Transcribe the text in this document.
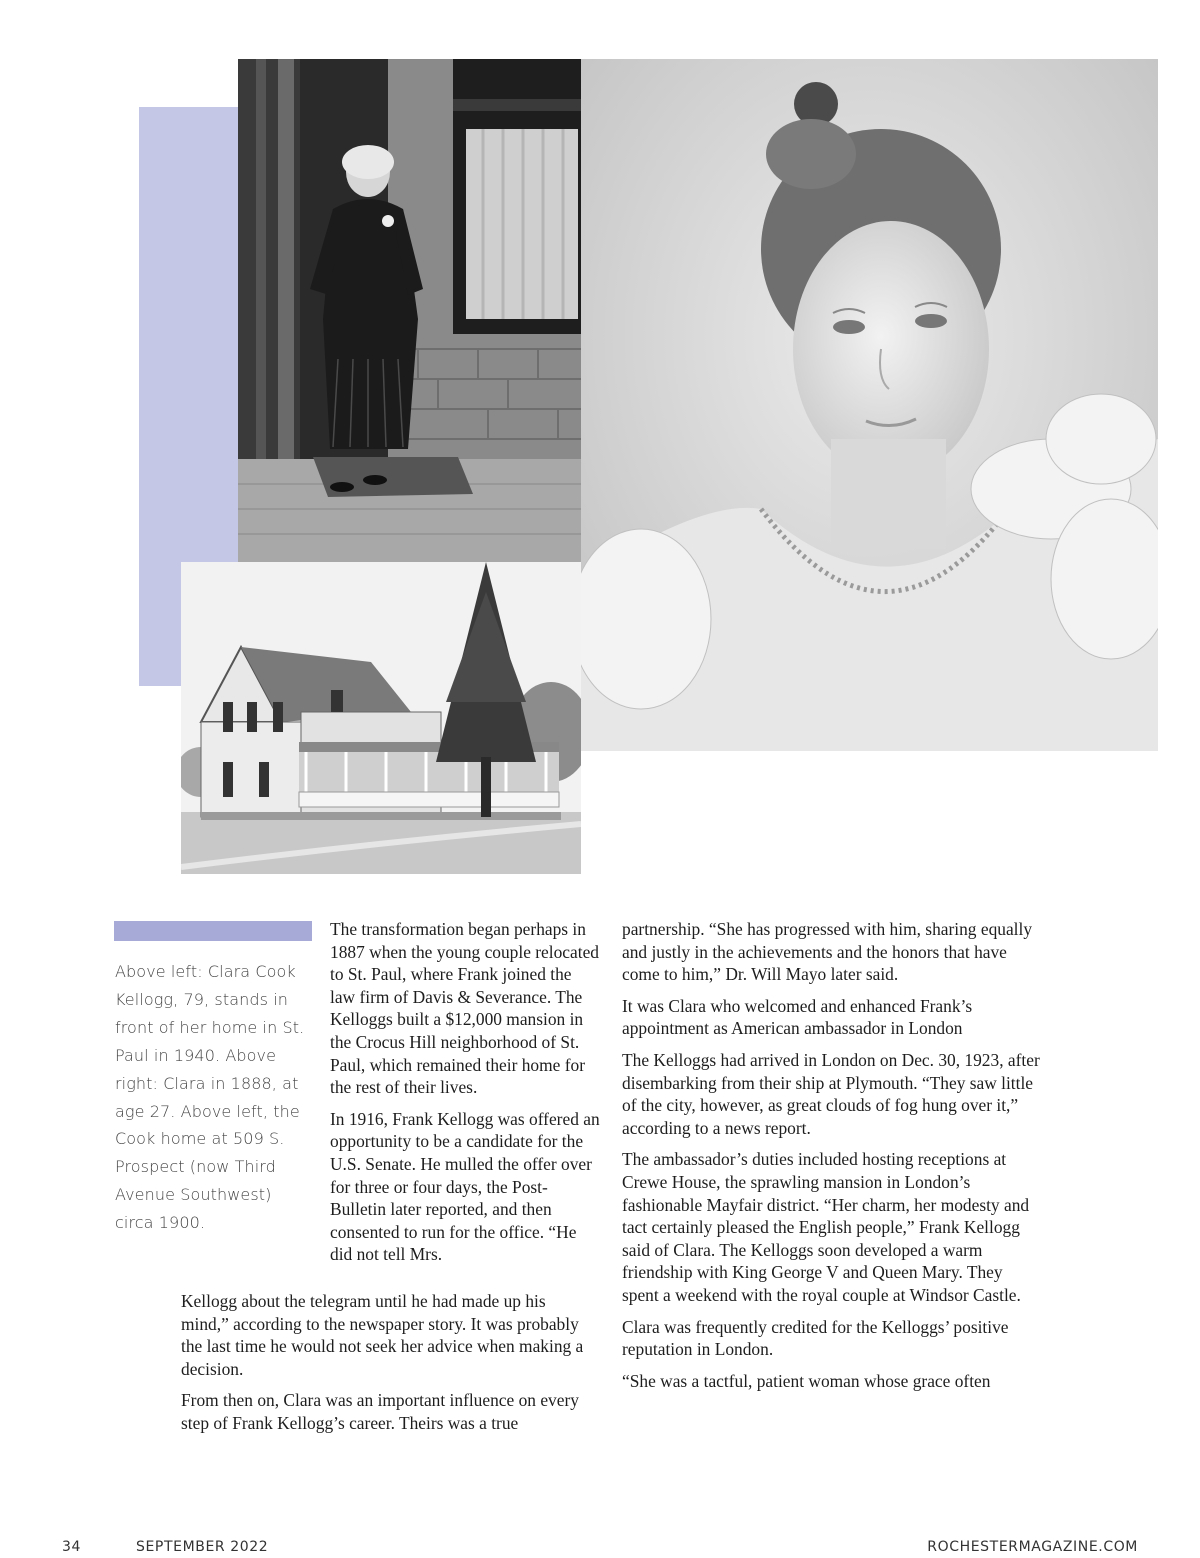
Above left: Clara Cook Kellogg, 79, stands in front of her home in St. Paul in 1940. Above right: Clara in 1888, at age 27. Above left, the Cook home at 509 S. Prospect (now Third Avenue Southwest) circa 1900.

The transformation began perhaps in 1887 when the young couple relocated to St. Paul, where Frank joined the law firm of Davis & Severance. The Kelloggs built a $12,000 mansion in the Crocus Hill neighborhood of St. Paul, which remained their home for the rest of their lives.

In 1916, Frank Kellogg was offered an opportunity to be a candidate for the U.S. Senate. He mulled the offer over for three or four days, the Post-Bulletin later reported, and then consented to run for the office. “He did not tell Mrs.

Kellogg about the telegram until he had made up his mind,” according to the newspaper story. It was probably the last time he would not seek her advice when making a decision.

From then on, Clara was an important influence on every step of Frank Kellogg’s career. Theirs was a true

partnership. “She has progressed with him, sharing equally and justly in the achievements and the honors that have come to him,” Dr. Will Mayo later said.

It was Clara who welcomed and enhanced Frank’s appointment as American ambassador in London

The Kelloggs had arrived in London on Dec. 30, 1923, after disembarking from their ship at Plymouth. “They saw little of the city, however, as great clouds of fog hung over it,” according to a news report.

The ambassador’s duties included hosting receptions at Crewe House, the sprawling mansion in London’s fashionable Mayfair district. “Her charm, her modesty and tact certainly pleased the English people,” Frank Kellogg said of Clara. The Kelloggs soon developed a warm friendship with King George V and Queen Mary. They spent a weekend with the royal couple at Windsor Castle.

Clara was frequently credited for the Kelloggs’ positive reputation in London.

“She was a tactful, patient woman whose grace often

34	SEPTEMBER 2022	ROCHESTERMAGAZINE.COM
